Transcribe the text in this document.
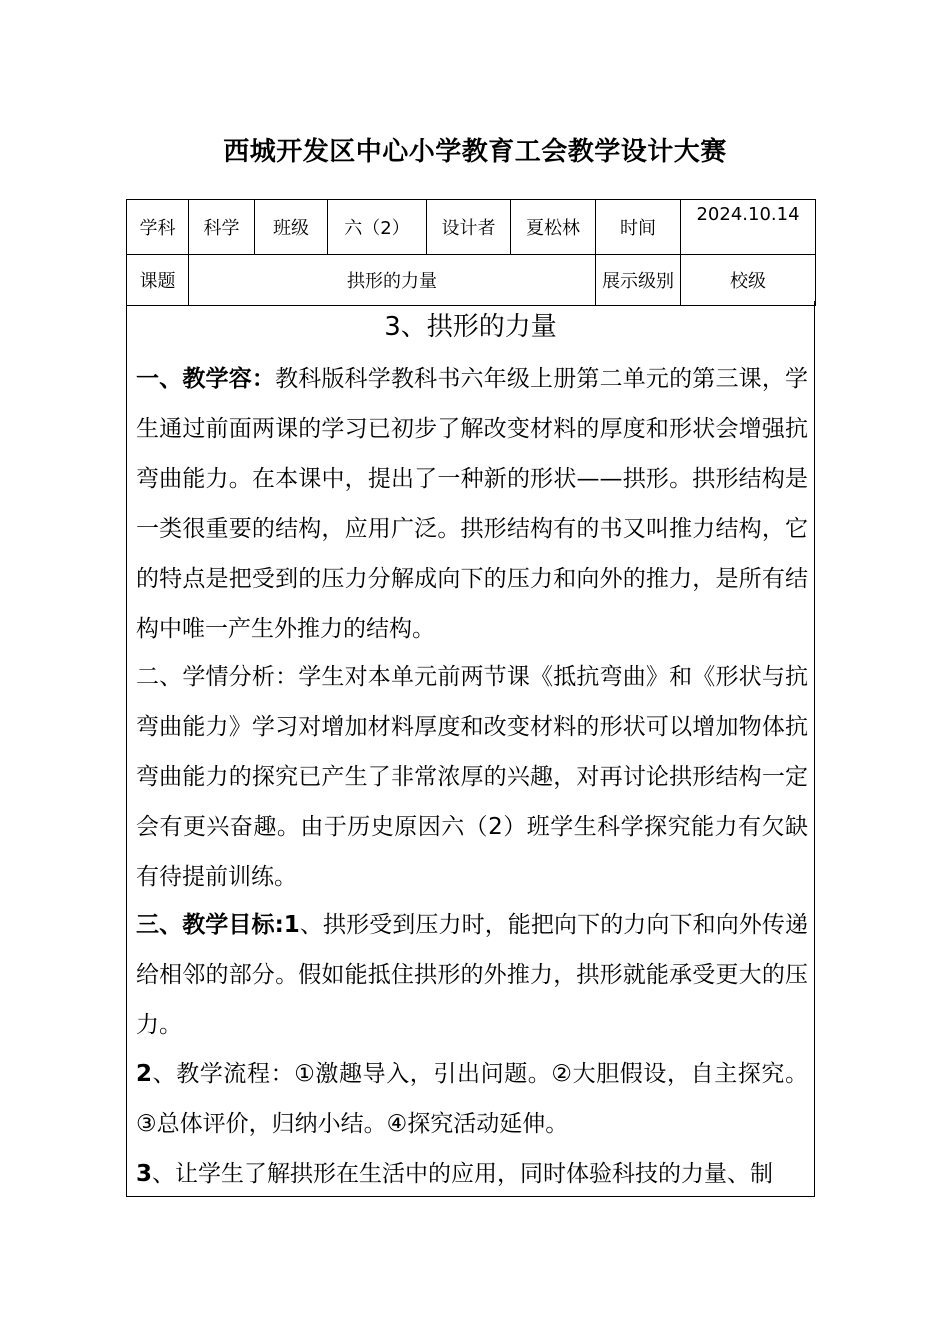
西城开发区中心小学教育工会教学设计大赛
学科	科学	班级	六（2）	设计者	夏松林	时间	2024.10.14
课题	拱形的力量					展示级别	校级
3、拱形的力量

一、教学容：教科版科学教科书六年级上册第二单元的第三课，学生通过前面两课的学习已初步了解改变材料的厚度和形状会增强抗弯曲能力。在本课中，提出了一种新的形状——拱形。拱形结构是一类很重要的结构，应用广泛。拱形结构有的书又叫推力结构，它的特点是把受到的压力分解成向下的压力和向外的推力，是所有结构中唯一产生外推力的结构。

二、学情分析：学生对本单元前两节课《抵抗弯曲》和《形状与抗弯曲能力》学习对增加材料厚度和改变材料的形状可以增加物体抗弯曲能力的探究已产生了非常浓厚的兴趣，对再讨论拱形结构一定会有更兴奋趣。由于历史原因六（2）班学生科学探究能力有欠缺有待提前训练。

三、教学目标:1、拱形受到压力时，能把向下的力向下和向外传递给相邻的部分。假如能抵住拱形的外推力，拱形就能承受更大的压力。

2、教学流程：①激趣导入，引出问题。②大胆假设，自主探究。③总体评价，归纳小结。④探究活动延伸。

3、让学生了解拱形在生活中的应用，同时体验科技的力量、制
